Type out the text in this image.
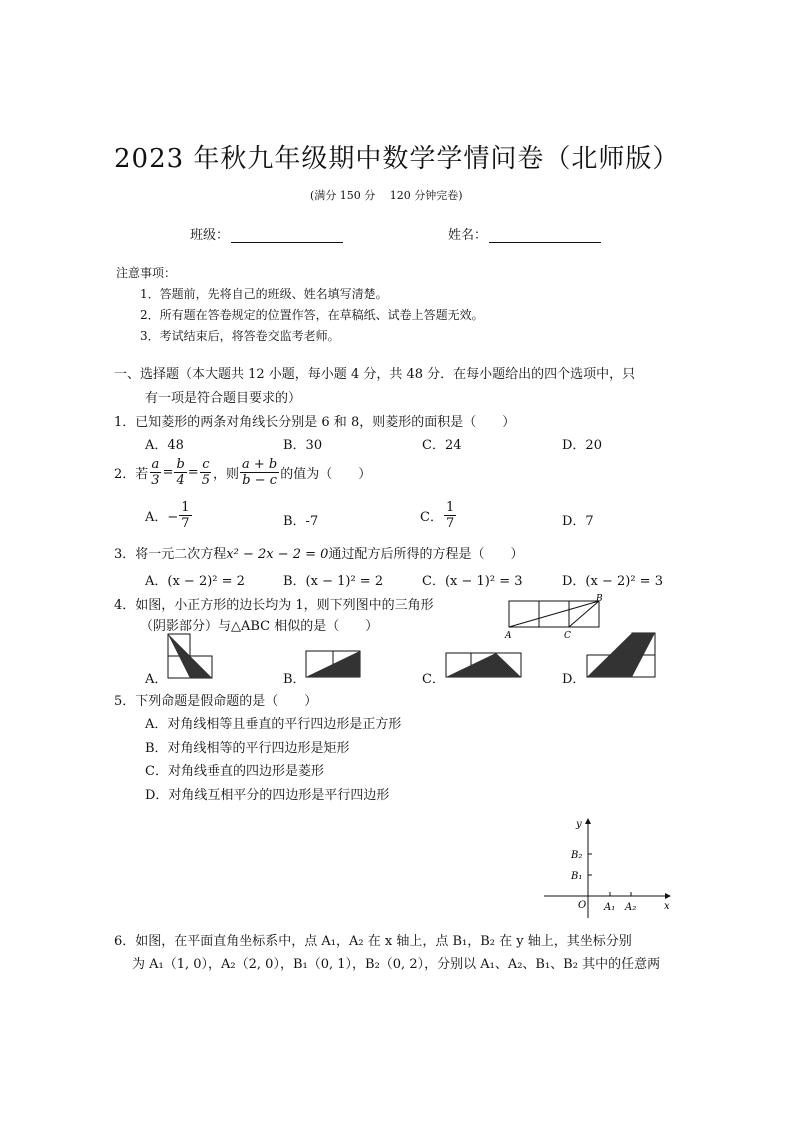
2023 年秋九年级期中数学学情问卷（北师版）
(满分 150 分　 120 分钟完卷)
班级：	姓名：
注意事项：
1．答题前，先将自己的班级、姓名填写清楚。
2．所有题在答卷规定的位置作答，在草稿纸、试卷上答题无效。
3．考试结束后，将答卷交监考老师。
一、选择题（本大题共 12 小题，每小题 4 分，共 48 分．在每小题给出的四个选项中，只
有一项是符合题目要求的）
1．已知菱形的两条对角线长分别是 6 和 8，则菱形的面积是（　　）
A．48	B．30	C．24	D．20
2．若 $\frac{a}{3} = \frac{b}{4} = \frac{c}{5}$ ，则 $\frac{a + b}{b - c}$ 的值为（　　）
A．− $\frac{1}{7}$	B．-7	C． $\frac{1}{7}$	D．7
3．将一元二次方程x² − 2x − 2 = 0通过配方后所得的方程是（　　）
A．(x − 2)² = 2	B．(x − 1)² = 2	C．(x − 1)² = 3	D．(x − 2)² = 3
4．如图，小正方形的边长均为 1，则下列图中的三角形
（阴影部分）与△ABC 相似的是（　　）
B
A	C
A．	B．	C．	D．
5．下列命题是假命题的是（　　）
A．对角线相等且垂直的平行四边形是正方形
B．对角线相等的平行四边形是矩形
C．对角线垂直的四边形是菱形
D．对角线互相平分的四边形是平行四边形
y
x
O
B₂
B₁
A₁ A₂
6．如图，在平面直角坐标系中，点 A₁，A₂ 在 x 轴上，点 B₁，B₂ 在 y 轴上，其坐标分别
为 A₁（1, 0），A₂（2, 0），B₁（0, 1），B₂（0, 2），分别以 A₁、A₂、B₁、B₂ 其中的任意两
